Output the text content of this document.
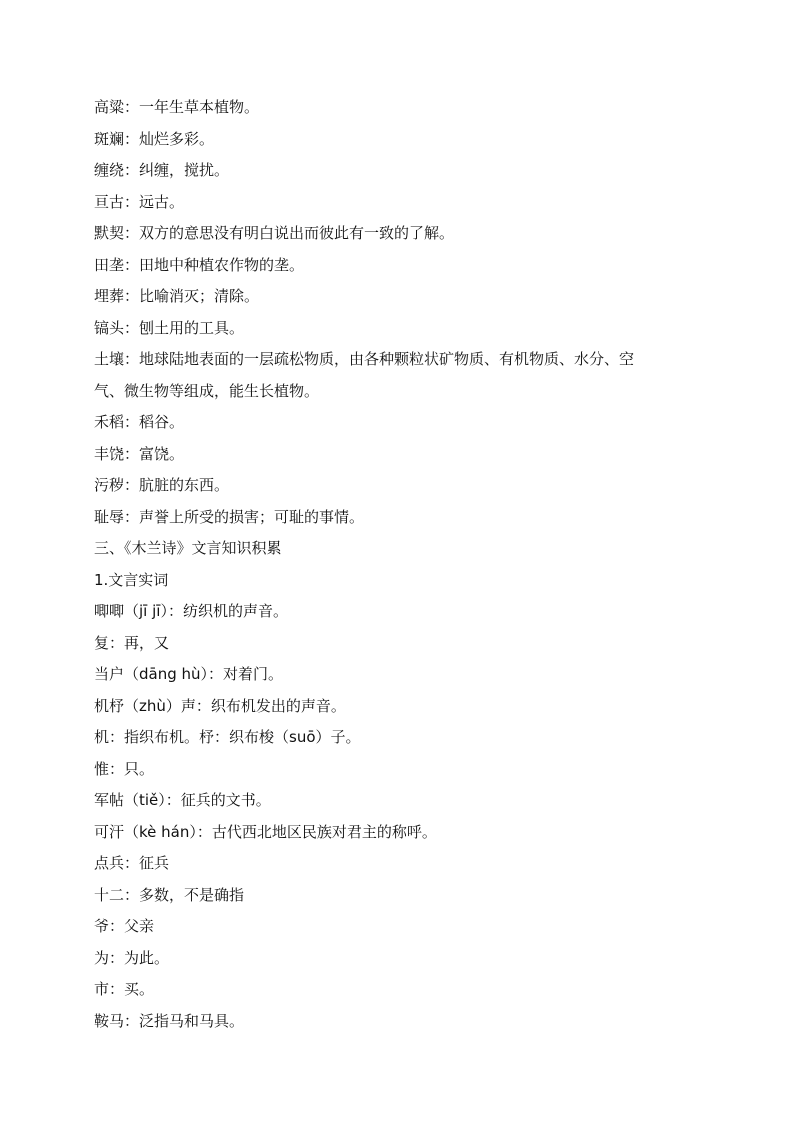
高粱：一年生草本植物。
斑斓：灿烂多彩。
缠绕：纠缠，搅扰。
亘古：远古。
默契：双方的意思没有明白说出而彼此有一致的了解。
田垄：田地中种植农作物的垄。
埋葬：比喻消灭；清除。
镐头：刨土用的工具。
土壤：地球陆地表面的一层疏松物质，由各种颗粒状矿物质、有机物质、水分、空
气、微生物等组成，能生长植物。
禾稻：稻谷。
丰饶：富饶。
污秽：肮脏的东西。
耻辱：声誉上所受的损害；可耻的事情。
三、《木兰诗》文言知识积累
1.文言实词
唧唧（jī jī）：纺织机的声音。
复：再，又
当户（dāng hù）：对着门。
机杼（zhù）声：织布机发出的声音。
机：指织布机。杼：织布梭（suō）子。
惟：只。
军帖（tiě）：征兵的文书。
可汗（kè hán）：古代西北地区民族对君主的称呼。
点兵：征兵
十二：多数，不是确指
爷：父亲
为：为此。
市：买。
鞍马：泛指马和马具。
